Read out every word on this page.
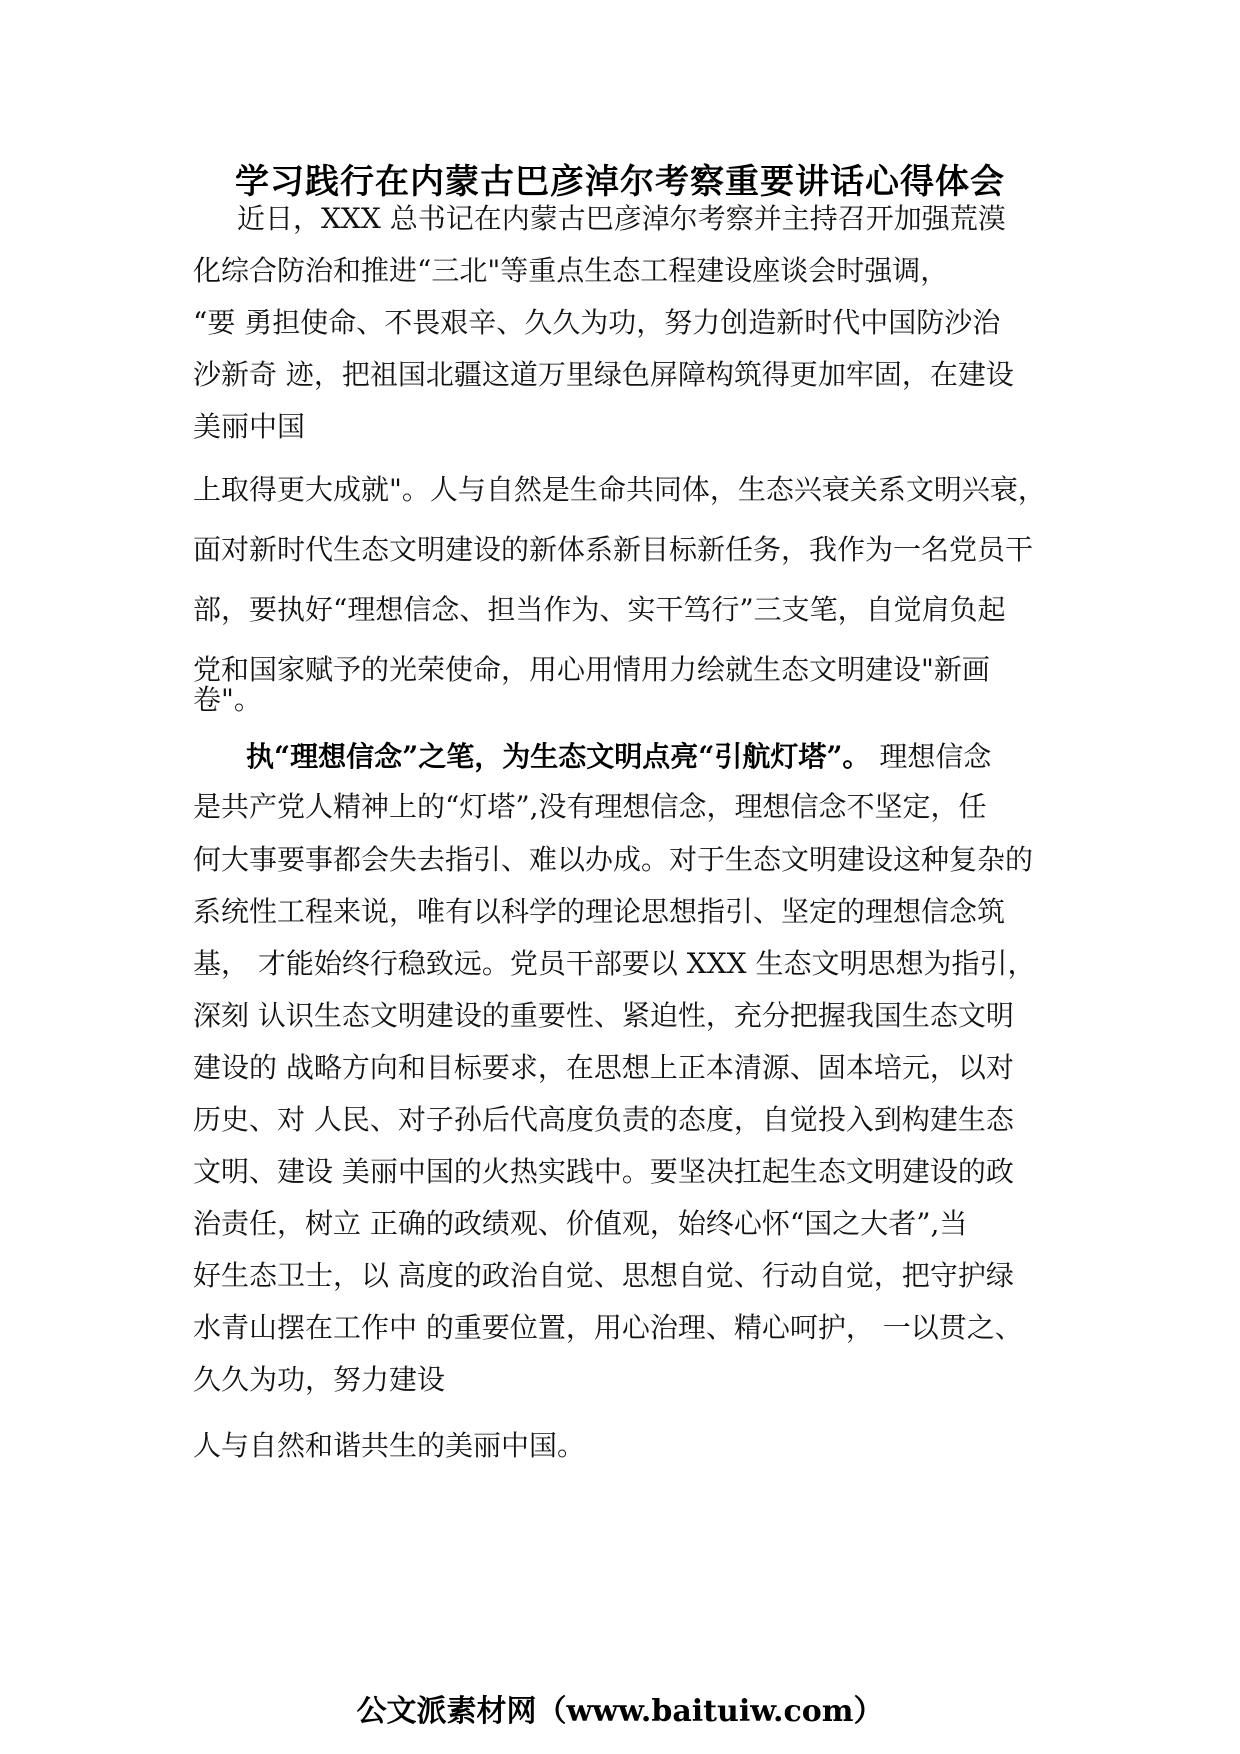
学习践行在内蒙古巴彦淖尔考察重要讲话心得体会
近日，XXX 总书记在内蒙古巴彦淖尔考察并主持召开加强荒漠
化综合防治和推进“三北"等重点生态工程建设座谈会时强调，
“要 勇担使命、不畏艰辛、久久为功，努力创造新时代中国防沙治
沙新奇 迹，把祖国北疆这道万里绿色屏障构筑得更加牢固，在建设
美丽中国
上取得更大成就"。人与自然是生命共同体，生态兴衰关系文明兴衰，
面对新时代生态文明建设的新体系新目标新任务，我作为一名党员干
部，要执好“理想信念、担当作为、实干笃行”三支笔，自觉肩负起
党和国家赋予的光荣使命，用心用情用力绘就生态文明建设"新画
卷"。
执“理想信念”之笔，为生态文明点亮“引航灯塔”。 理想信念
是共产党人精神上的“灯塔”,没有理想信念，理想信念不坚定，任
何大事要事都会失去指引、难以办成。对于生态文明建设这种复杂的
系统性工程来说，唯有以科学的理论思想指引、坚定的理想信念筑
基， 才能始终行稳致远。党员干部要以 XXX 生态文明思想为指引，
深刻 认识生态文明建设的重要性、紧迫性，充分把握我国生态文明
建设的 战略方向和目标要求，在思想上正本清源、固本培元，以对
历史、对 人民、对子孙后代高度负责的态度，自觉投入到构建生态
文明、建设 美丽中国的火热实践中。要坚决扛起生态文明建设的政
治责任，树立 正确的政绩观、价值观，始终心怀“国之大者”,当
好生态卫士，以 高度的政治自觉、思想自觉、行动自觉，把守护绿
水青山摆在工作中 的重要位置，用心治理、精心呵护， 一以贯之、
久久为功，努力建设
人与自然和谐共生的美丽中国。
公文派素材网（www.baituiw.com）
